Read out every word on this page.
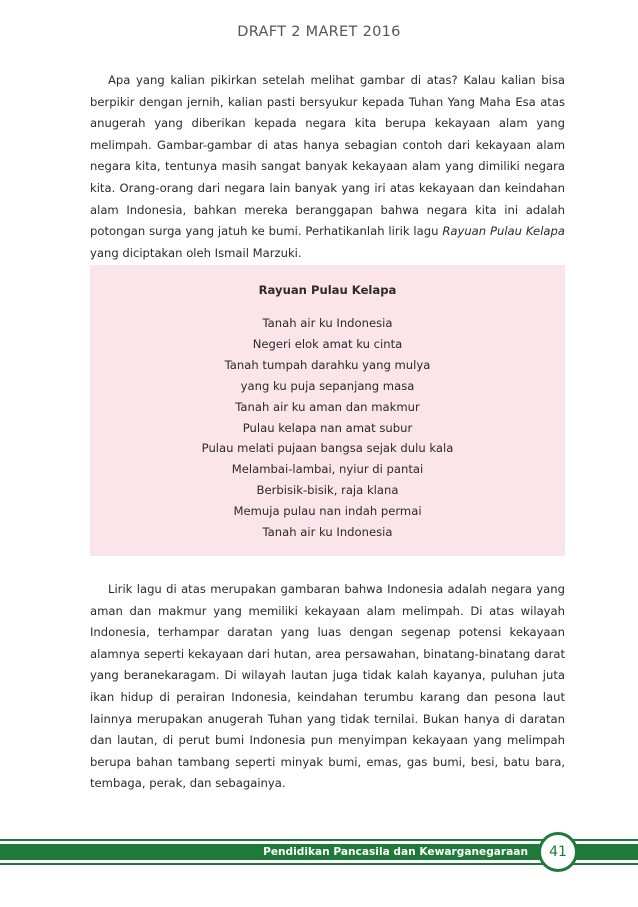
DRAFT 2 MARET 2016

Apa yang kalian pikirkan setelah melihat gambar di atas? Kalau kalian bisa berpikir dengan jernih, kalian pasti bersyukur kepada Tuhan Yang Maha Esa atas anugerah yang diberikan kepada negara kita berupa kekayaan alam yang melimpah. Gambar-gambar di atas hanya sebagian contoh dari kekayaan alam negara kita, tentunya masih sangat banyak kekayaan alam yang dimiliki negara kita. Orang-orang dari negara lain banyak yang iri atas kekayaan dan keindahan alam Indonesia, bahkan mereka beranggapan bahwa negara kita ini adalah potongan surga yang jatuh ke bumi. Perhatikanlah lirik lagu Rayuan Pulau Kelapa yang diciptakan oleh Ismail Marzuki.

Rayuan Pulau Kelapa
Tanah air ku Indonesia
Negeri elok amat ku cinta
Tanah tumpah darahku yang mulya
yang ku puja sepanjang masa
Tanah air ku aman dan makmur
Pulau kelapa nan amat subur
Pulau melati pujaan bangsa sejak dulu kala
Melambai-lambai, nyiur di pantai
Berbisik-bisik, raja klana
Memuja pulau nan indah permai
Tanah air ku Indonesia

Lirik lagu di atas merupakan gambaran bahwa Indonesia adalah negara yang aman dan makmur yang memiliki kekayaan alam melimpah. Di atas wilayah Indonesia, terhampar daratan yang luas dengan segenap potensi kekayaan alamnya seperti kekayaan dari hutan, area persawahan, binatang-binatang darat yang beranekaragam. Di wilayah lautan juga tidak kalah kayanya, puluhan juta ikan hidup di perairan Indonesia, keindahan terumbu karang dan pesona laut lainnya merupakan anugerah Tuhan yang tidak ternilai. Bukan hanya di daratan dan lautan, di perut bumi Indonesia pun menyimpan kekayaan yang melimpah berupa bahan tambang seperti minyak bumi, emas, gas bumi, besi, batu bara, tembaga, perak, dan sebagainya.

Pendidikan Pancasila dan Kewarganegaraan	41
